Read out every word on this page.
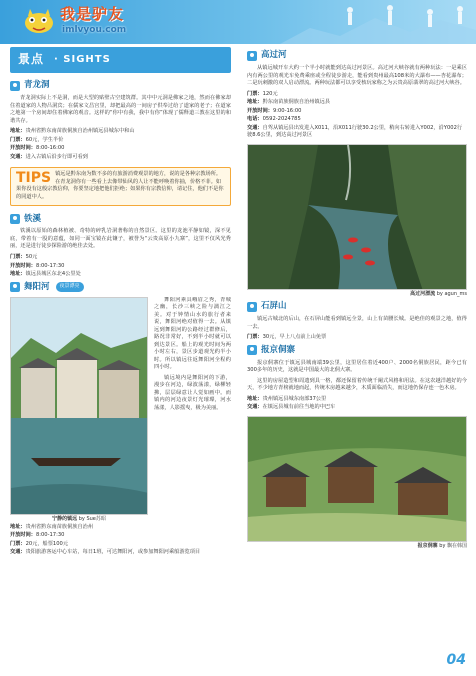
我是驴友
imlvyou.com
景点 · SIGHTS
青龙洞

青龙洞实际上不是洞，而是大型的贴壁古空建筑群。其中中元洞是佛家之地，然而在佛家却住着道家的人物吕洞宾；在儒家文昌宫里，却把最高的一间房子供奉过给了道家的老子；在道家之地第一个房间却住着佛家的观音。这样的“你中有我，我中有你”体现了儒释道三教在这里的和谐共存。

地址：贵州省黔东南苗族侗族自治州镇远县城东中和山
门票：60元，学生半价
开放时间：8:00-16:00
交通：进入古镇后沿步行即可看到
TIPS 镇远是黔东南为数不多的有旅游消费观景的地方，说的是各种宗教场所。在青龙洞你有一些看上去像带仙风的人让不能呼唤着你抽，价格不菲。如果你没有这般宗教信仰，你要坚定地把他们拒绝；如果你有宗教信仰，请记住，他们不是你的同道中人。
铁溪

铁溪以原始的森林植被、奇特的碎乳岩洞著称的自然景区。这里的龙池平静如镜，深不见底，带着有一股的意蕴，如同一面宝镜在此镶子，被誉为“云贵高原小九寨”，这里不仅风光秀丽，还是进行徒步探险游的绝佳去处。

门票：50元
开放时间：8:00-17:30
地址：镇远县城区东北4公里处
舞阳河	夜景漂亮
宁静的镇远 by Sue苏昭

舞阳河素具峨眉之秀，青城之幽，长沙三峡之险与漓江之美。对于钟情山水的旅行者来说，舞阳河绝对值得一去。从镇远到舞阳河的公路经过群修后，路况非常好，不到半小时就可以到达景区。船上的观光时间为两小时左右，景区步道观光约半小时。所以镇远往返舞阳河全程约四小时。

镇远境内是舞阳河的下游，漫步在河边，绿波荡漾，绿柳轻拂，层层绿意让人觉如画中。而镇内的河边夜景灯光璀璨，河水荡漾，人影摇曳，极为美丽。

地址：贵州省黔东南苗族侗族自治州
开放时间：8:00-17:30
门票：20元，船票100元
交通：贵阳旅游客运中心车站，每日1班，可达舞阳河，或参加舞阳河乘船游览项目
高过河

从镇远城开车大约一个半小时就能到达高过河景区。高过河大峡谷就有两种玩法：一是乘区内有两公里的观光车免费乘座或全程徒步游走，能看到贵州最高108米的大瀑布——杏花瀑布；二是玩刺激的双人启动漂流。两种玩法都可以享受核玩家称之为云贵高原翡翠的高过河大峡谷。

门票：120元
地址：黔东南苗族侗族自治州镇远县
开放时间：9:00-16:00
电话：0592-2024785
交通：自驾从镇远县出发进入X011，沿X011行驶30.2公里，稍向右转进入Y002，沿Y002行驶8.6公里，到达高过河景区
高过河漂流 by agun_ms
石屏山

镇远古城北的后山，在石屏山能看到镇远全景，山上有苗腰长城。是绝佳的观景之地，值得一去。

门票：30元，早上八点前上山免票
报京侗寨

报京侗寨位于镇远县城南端39公里，这里居住着近400户、2000名侗族居民，距今已有300多年的历史，这就是中国最大的北侗大寨。

这里的房屋造型和周遗到具一格，都还保留着传统千阑式风格和用法。在这农越洋越好的今天，不少地方青榜就地而起，传统木房越来越少，木质面临消失，而这地仍保存连一色木房。

地址：贵州镇远县城东南部37公里
交通：在镇远县城有前往当地的中巴车
报京侗寨 by 飘在韩国
04
